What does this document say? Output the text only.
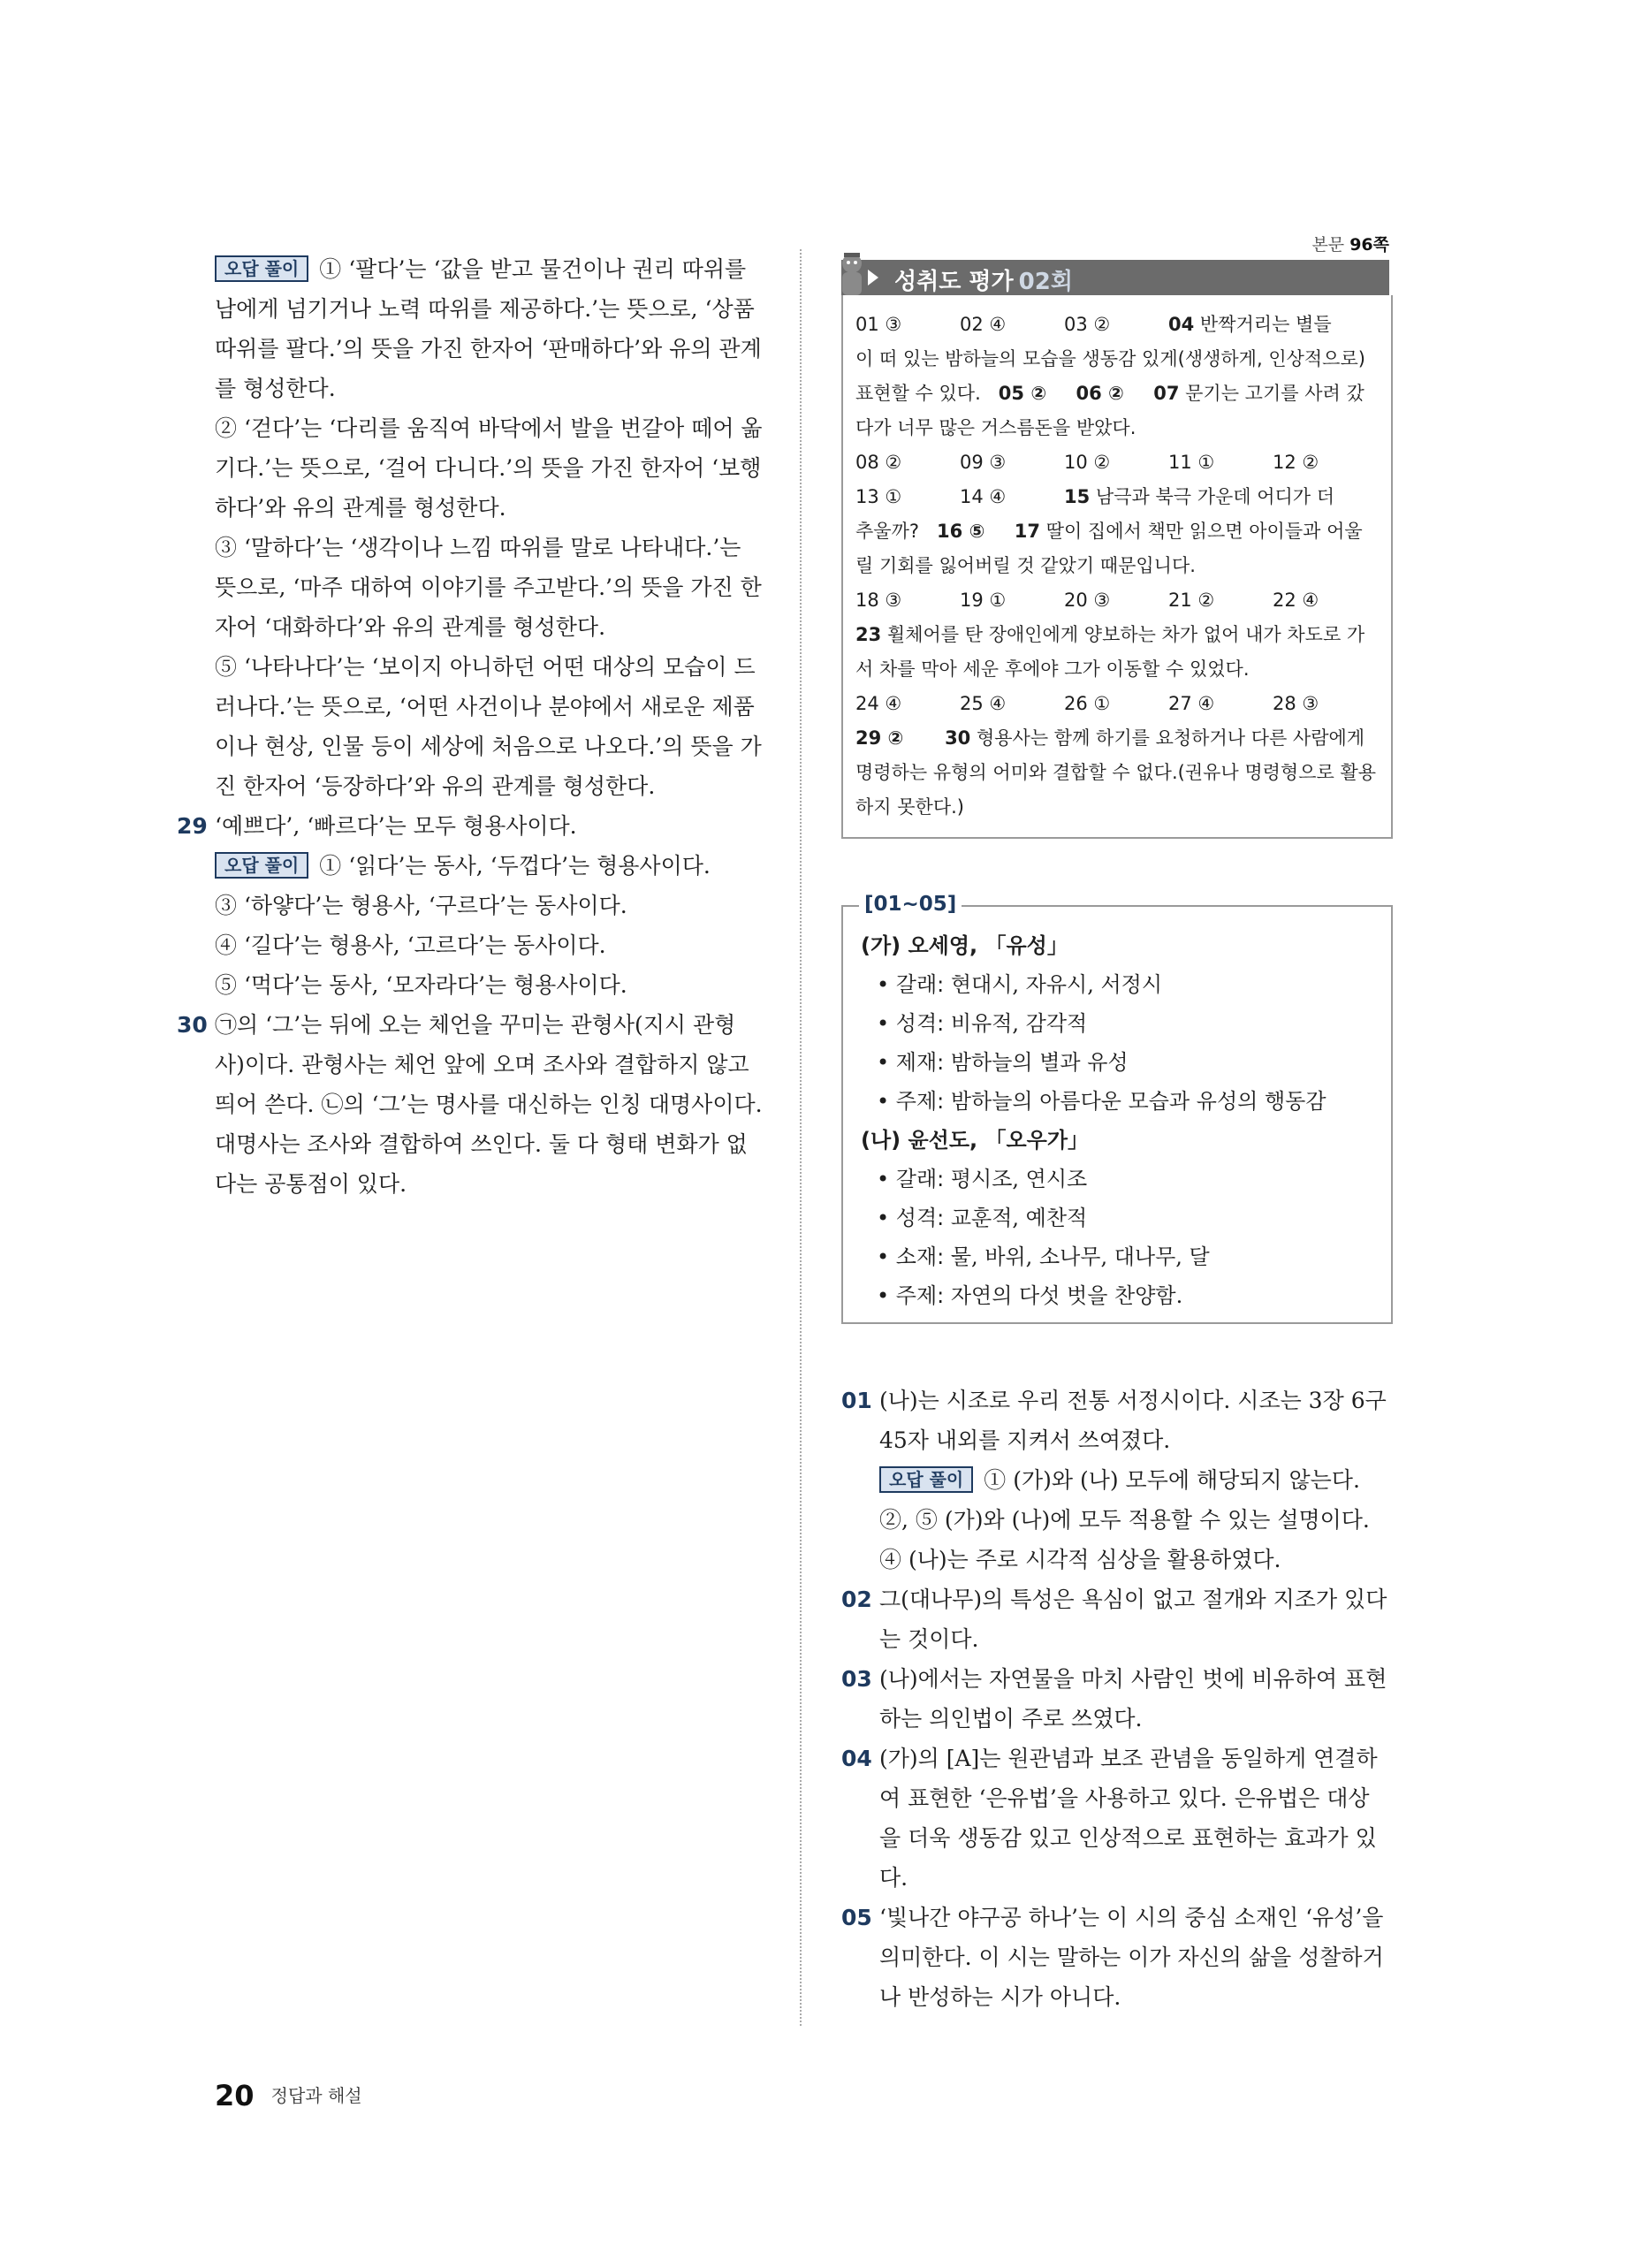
오답 풀이 ① ‘팔다’는 ‘값을 받고 물건이나 권리 따위를 남에게 넘기거나 노력 따위를 제공하다.’는 뜻으로, ‘상품 따위를 팔다.’의 뜻을 가진 한자어 ‘판매하다’와 유의 관계를 형성한다.

② ‘걷다’는 ‘다리를 움직여 바닥에서 발을 번갈아 떼어 옮기다.’는 뜻으로, ‘걸어 다니다.’의 뜻을 가진 한자어 ‘보행하다’와 유의 관계를 형성한다.

③ ‘말하다’는 ‘생각이나 느낌 따위를 말로 나타내다.’는 뜻으로, ‘마주 대하여 이야기를 주고받다.’의 뜻을 가진 한자어 ‘대화하다’와 유의 관계를 형성한다.

⑤ ‘나타나다’는 ‘보이지 아니하던 어떤 대상의 모습이 드러나다.’는 뜻으로, ‘어떤 사건이나 분야에서 새로운 제품이나 현상, 인물 등이 세상에 처음으로 나오다.’의 뜻을 가진 한자어 ‘등장하다’와 유의 관계를 형성한다.

29 ‘예쁘다’, ‘빠르다’는 모두 형용사이다.

오답 풀이 ① ‘읽다’는 동사, ‘두껍다’는 형용사이다.

③ ‘하얗다’는 형용사, ‘구르다’는 동사이다.

④ ‘길다’는 형용사, ‘고르다’는 동사이다.

⑤ ‘먹다’는 동사, ‘모자라다’는 형용사이다.

30 ㉠의 ‘그’는 뒤에 오는 체언을 꾸미는 관형사(지시 관형사)이다. 관형사는 체언 앞에 오며 조사와 결합하지 않고 띄어 쓴다. ㉡의 ‘그’는 명사를 대신하는 인칭 대명사이다. 대명사는 조사와 결합하여 쓰인다. 둘 다 형태 변화가 없다는 공통점이 있다.
본문 96쪽
성취도 평가 02회
01 ③	02 ④	03 ②	04 반짝거리는 별들

이 떠 있는 밤하늘의 모습을 생동감 있게(생생하게, 인상적으로) 표현할 수 있다. 05 ② 06 ② 07 문기는 고기를 사려 갔다가 너무 많은 거스름돈을 받았다.

08 ②	09 ③	10 ②	11 ①	12 ②
13 ①	14 ④	15 남극과 북극 가운데 어디가 더

추울까? 16 ⑤ 17 딸이 집에서 책만 읽으면 아이들과 어울릴 기회를 잃어버릴 것 같았기 때문입니다.

18 ③	19 ①	20 ③	21 ②	22 ④

23 휠체어를 탄 장애인에게 양보하는 차가 없어 내가 차도로 가서 차를 막아 세운 후에야 그가 이동할 수 있었다.

24 ④	25 ④	26 ①	27 ④	28 ③

29 ② 30 형용사는 함께 하기를 요청하거나 다른 사람에게 명령하는 유형의 어미와 결합할 수 없다.(권유나 명령형으로 활용하지 못한다.)

[01~05]

(가) 오세영, 「유성」

• 갈래: 현대시, 자유시, 서정시

• 성격: 비유적, 감각적

• 제재: 밤하늘의 별과 유성

• 주제: 밤하늘의 아름다운 모습과 유성의 행동감

(나) 윤선도, 「오우가」

• 갈래: 평시조, 연시조

• 성격: 교훈적, 예찬적

• 소재: 물, 바위, 소나무, 대나무, 달

• 주제: 자연의 다섯 벗을 찬양함.

01 (나)는 시조로 우리 전통 서정시이다. 시조는 3장 6구 45자 내외를 지켜서 쓰여졌다.

오답 풀이 ① (가)와 (나) 모두에 해당되지 않는다.

②, ⑤ (가)와 (나)에 모두 적용할 수 있는 설명이다.

④ (나)는 주로 시각적 심상을 활용하였다.

02 그(대나무)의 특성은 욕심이 없고 절개와 지조가 있다는 것이다.
03 (나)에서는 자연물을 마치 사람인 벗에 비유하여 표현하는 의인법이 주로 쓰였다.
04 (가)의 [A]는 원관념과 보조 관념을 동일하게 연결하여 표현한 ‘은유법’을 사용하고 있다. 은유법은 대상을 더욱 생동감 있고 인상적으로 표현하는 효과가 있다.
05 ‘빛나간 야구공 하나’는 이 시의 중심 소재인 ‘유성’을 의미한다. 이 시는 말하는 이가 자신의 삶을 성찰하거나 반성하는 시가 아니다.
20 정답과 해설
